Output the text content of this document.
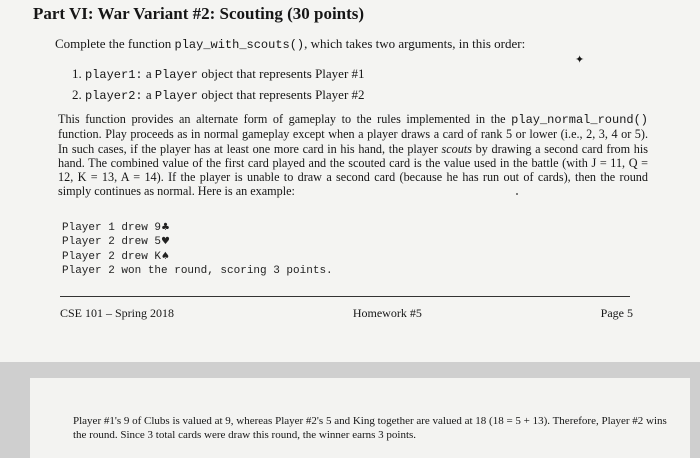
Part VI: War Variant #2: Scouting (30 points)
Complete the function play_with_scouts(), which takes two arguments, in this order:
1. player1: a Player object that represents Player #1
2. player2: a Player object that represents Player #2

This function provides an alternate form of gameplay to the rules implemented in the play_normal_round() function. Play proceeds as in normal gameplay except when a player draws a card of rank 5 or lower (i.e., 2, 3, 4 or 5). In such cases, if the player has at least one more card in his hand, the player scouts by drawing a second card from his hand. The combined value of the first card played and the scouted card is the value used in the battle (with J = 11, Q = 12, K = 13, A = 14). If the player is unable to draw a second card (because he has run out of cards), then the round simply continues as normal. Here is an example:

Player 1 drew 9♣
Player 2 drew 5♥
Player 2 drew K♠
Player 2 won the round, scoring 3 points.
CSE 101 – Spring 2018	Homework #5	Page 5
✦

Player #1's 9 of Clubs is valued at 9, whereas Player #2's 5 and King together are valued at 18 (18 = 5 + 13). Therefore, Player #2 wins the round. Since 3 total cards were draw this round, the winner earns 3 points.
